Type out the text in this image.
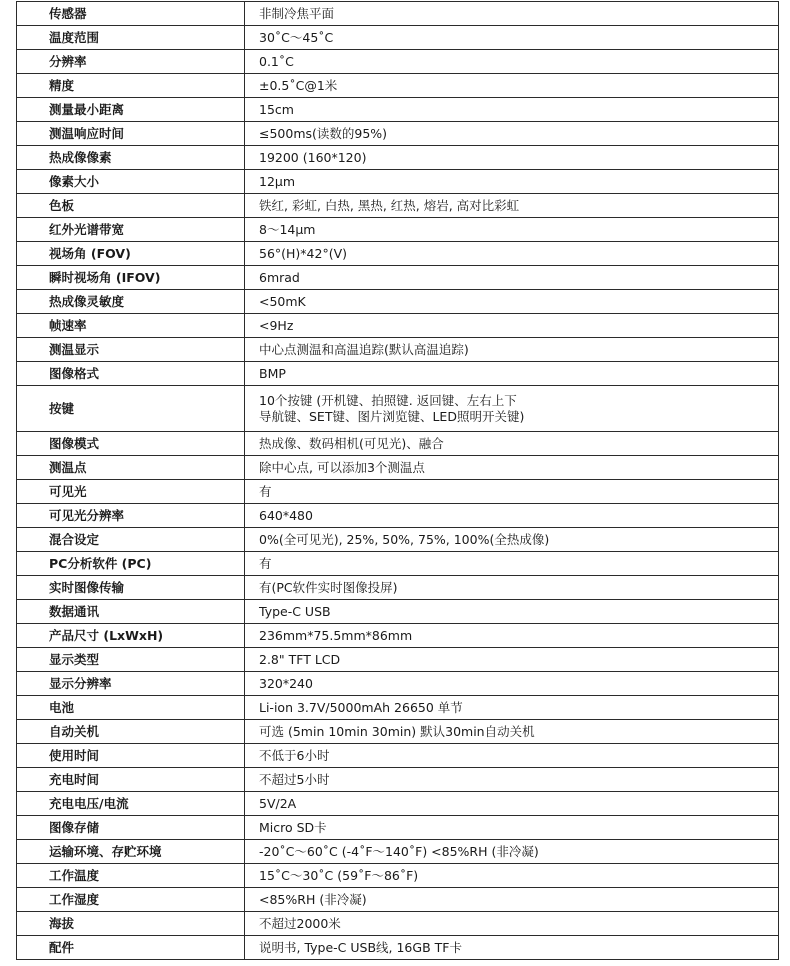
传感器	非制冷焦平面
温度范围	30˚C～45˚C
分辨率	0.1˚C
精度	±0.5˚C@1米
测量最小距离	15cm
测温响应时间	≤500ms(读数的95%)
热成像像素	19200 (160*120)
像素大小	12μm
色板	铁红, 彩虹, 白热, 黑热, 红热, 熔岩, 高对比彩虹
红外光谱带宽	8～14μm
视场角 (FOV)	56°(H)*42°(V)
瞬时视场角 (IFOV)	6mrad
热成像灵敏度	<50mK
帧速率	<9Hz
测温显示	中心点测温和高温追踪(默认高温追踪)
图像格式	BMP
按键	10个按键 (开机键、拍照键. 返回键、左右上下
导航键、SET键、图片浏览键、LED照明开关键)

图像模式	热成像、数码相机(可见光)、融合
测温点	除中心点, 可以添加3个测温点
可见光	有
可见光分辨率	640*480
混合设定	0%(全可见光), 25%, 50%, 75%, 100%(全热成像)
PC分析软件 (PC)	有
实时图像传输	有(PC软件实时图像投屏)
数据通讯	Type-C USB
产品尺寸 (LxWxH)	236mm*75.5mm*86mm
显示类型	2.8" TFT LCD
显示分辨率	320*240
电池	Li-ion 3.7V/5000mAh 26650 单节
自动关机	可选 (5min 10min 30min) 默认30min自动关机
使用时间	不低于6小时
充电时间	不超过5小时
充电电压/电流	5V/2A
图像存储	Micro SD卡
运输环境、存贮环境	-20˚C～60˚C (-4˚F～140˚F) <85%RH (非冷凝)
工作温度	15˚C～30˚C (59˚F～86˚F)
工作湿度	<85%RH (非冷凝)
海拔	不超过2000米
配件	说明书, Type-C USB线, 16GB TF卡
